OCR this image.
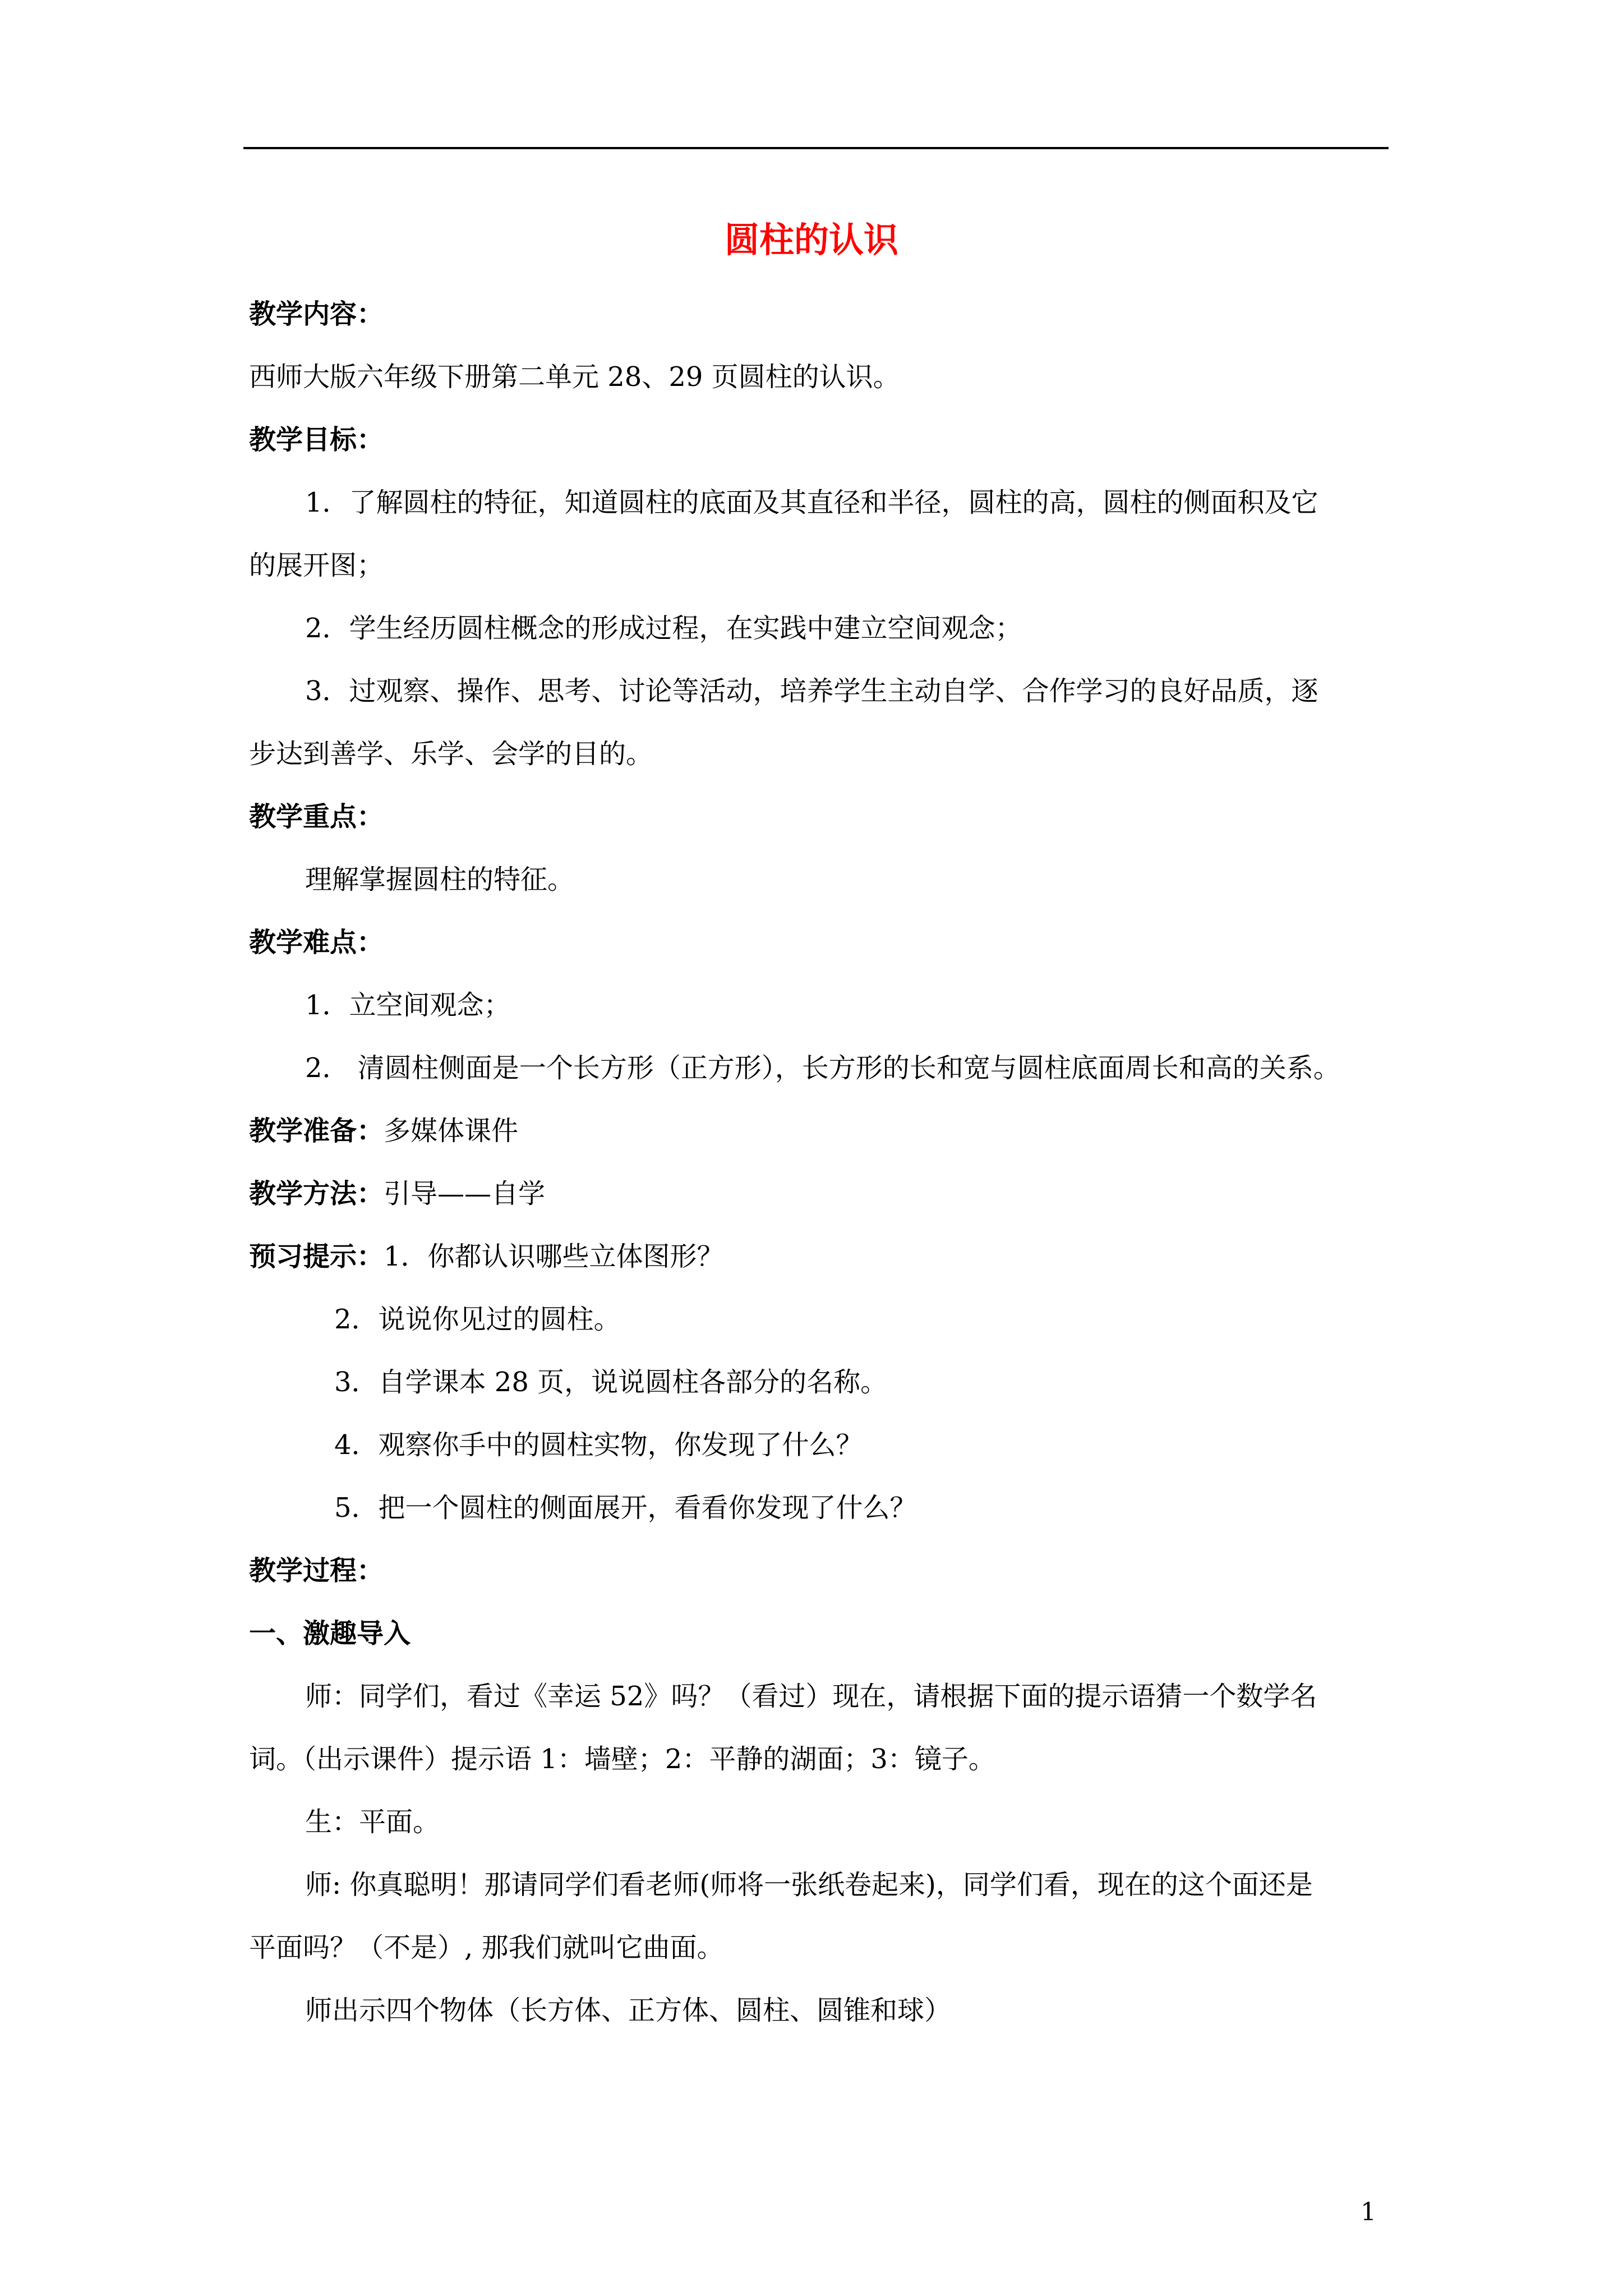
圆柱的认识

教学内容：

西师大版六年级下册第二单元 28、29 页圆柱的认识。

教学目标：

1．了解圆柱的特征，知道圆柱的底面及其直径和半径，圆柱的高，圆柱的侧面积及它

的展开图；

2．学生经历圆柱概念的形成过程，在实践中建立空间观念；

3．过观察、操作、思考、讨论等活动，培养学生主动自学、合作学习的良好品质，逐

步达到善学、乐学、会学的目的。

教学重点：

理解掌握圆柱的特征。

教学难点：

1．立空间观念；

2． 清圆柱侧面是一个长方形（正方形），长方形的长和宽与圆柱底面周长和高的关系。

教学准备：多媒体课件

教学方法：引导——自学

预习提示：1．你都认识哪些立体图形？

2．说说你见过的圆柱。

3．自学课本 28 页，说说圆柱各部分的名称。

4．观察你手中的圆柱实物，你发现了什么？

5．把一个圆柱的侧面展开，看看你发现了什么？

教学过程：

一、激趣导入

师：同学们，看过《幸运 52》吗？（看过）现在，请根据下面的提示语猜一个数学名

词。（出示课件）提示语 1：墙壁；2：平静的湖面；3：镜子。

生：平面。

师: 你真聪明！那请同学们看老师(师将一张纸卷起来)，同学们看，现在的这个面还是

平面吗？（不是）, 那我们就叫它曲面。

师出示四个物体（长方体、正方体、圆柱、圆锥和球）

1
